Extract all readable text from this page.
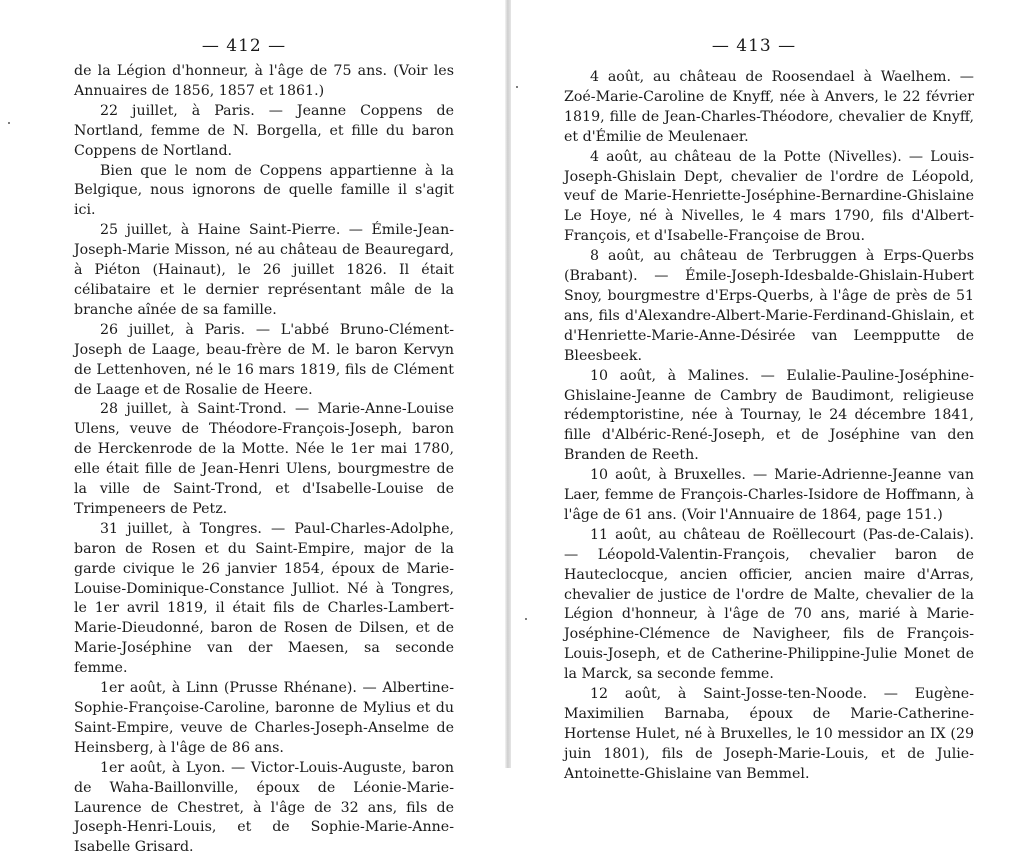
— 412 —

de la Légion d'honneur, à l'âge de 75 ans. (Voir les Annuaires de 1856, 1857 et 1861.)

22 juillet, à Paris. — Jeanne Coppens de Nortland, femme de N. Borgella, et fille du baron Coppens de Nortland.

Bien que le nom de Coppens appartienne à la Belgique, nous ignorons de quelle famille il s'agit ici.

25 juillet, à Haine Saint-Pierre. — Émile-Jean-Joseph-Marie Misson, né au château de Beauregard, à Piéton (Hainaut), le 26 juillet 1826. Il était célibataire et le dernier représentant mâle de la branche aînée de sa famille.

26 juillet, à Paris. — L'abbé Bruno-Clément-Joseph de Laage, beau-frère de M. le baron Kervyn de Lettenhoven, né le 16 mars 1819, fils de Clément de Laage et de Rosalie de Heere.

28 juillet, à Saint-Trond. — Marie-Anne-Louise Ulens, veuve de Théodore-François-Joseph, baron de Herckenrode de la Motte. Née le 1er mai 1780, elle était fille de Jean-Henri Ulens, bourgmestre de la ville de Saint-Trond, et d'Isabelle-Louise de Trimpeneers de Petz.

31 juillet, à Tongres. — Paul-Charles-Adolphe, baron de Rosen et du Saint-Empire, major de la garde civique le 26 janvier 1854, époux de Marie-Louise-Dominique-Constance Julliot. Né à Tongres, le 1er avril 1819, il était fils de Charles-Lambert-Marie-Dieudonné, baron de Rosen de Dilsen, et de Marie-Joséphine van der Maesen, sa seconde femme.

1er août, à Linn (Prusse Rhénane). — Albertine-Sophie-Françoise-Caroline, baronne de Mylius et du Saint-Empire, veuve de Charles-Joseph-Anselme de Heinsberg, à l'âge de 86 ans.

1er août, à Lyon. — Victor-Louis-Auguste, baron de Waha-Baillonville, époux de Léonie-Marie-Laurence de Chestret, à l'âge de 32 ans, fils de Joseph-Henri-Louis, et de Sophie-Marie-Anne-Isabelle Grisard.

— 413 —

4 août, au château de Roosendael à Waelhem. — Zoé-Marie-Caroline de Knyff, née à Anvers, le 22 février 1819, fille de Jean-Charles-Théodore, chevalier de Knyff, et d'Émilie de Meulenaer.

4 août, au château de la Potte (Nivelles). — Louis-Joseph-Ghislain Dept, chevalier de l'ordre de Léopold, veuf de Marie-Henriette-Joséphine-Bernardine-Ghislaine Le Hoye, né à Nivelles, le 4 mars 1790, fils d'Albert-François, et d'Isabelle-Françoise de Brou.

8 août, au château de Terbruggen à Erps-Querbs (Brabant). — Émile-Joseph-Idesbalde-Ghislain-Hubert Snoy, bourgmestre d'Erps-Querbs, à l'âge de près de 51 ans, fils d'Alexandre-Albert-Marie-Ferdinand-Ghislain, et d'Henriette-Marie-Anne-Désirée van Leempputte de Bleesbeek.

10 août, à Malines. — Eulalie-Pauline-Joséphine-Ghislaine-Jeanne de Cambry de Baudimont, religieuse rédemptoristine, née à Tournay, le 24 décembre 1841, fille d'Albéric-René-Joseph, et de Joséphine van den Branden de Reeth.

10 août, à Bruxelles. — Marie-Adrienne-Jeanne van Laer, femme de François-Charles-Isidore de Hoffmann, à l'âge de 61 ans. (Voir l'Annuaire de 1864, page 151.)

11 août, au château de Roëllecourt (Pas-de-Calais). — Léopold-Valentin-François, chevalier baron de Hauteclocque, ancien officier, ancien maire d'Arras, chevalier de justice de l'ordre de Malte, chevalier de la Légion d'honneur, à l'âge de 70 ans, marié à Marie-Joséphine-Clémence de Navigheer, fils de François-Louis-Joseph, et de Catherine-Philippine-Julie Monet de la Marck, sa seconde femme.

12 août, à Saint-Josse-ten-Noode. — Eugène-Maximilien Barnaba, époux de Marie-Catherine-Hortense Hulet, né à Bruxelles, le 10 messidor an IX (29 juin 1801), fils de Joseph-Marie-Louis, et de Julie-Antoinette-Ghislaine van Bemmel.
